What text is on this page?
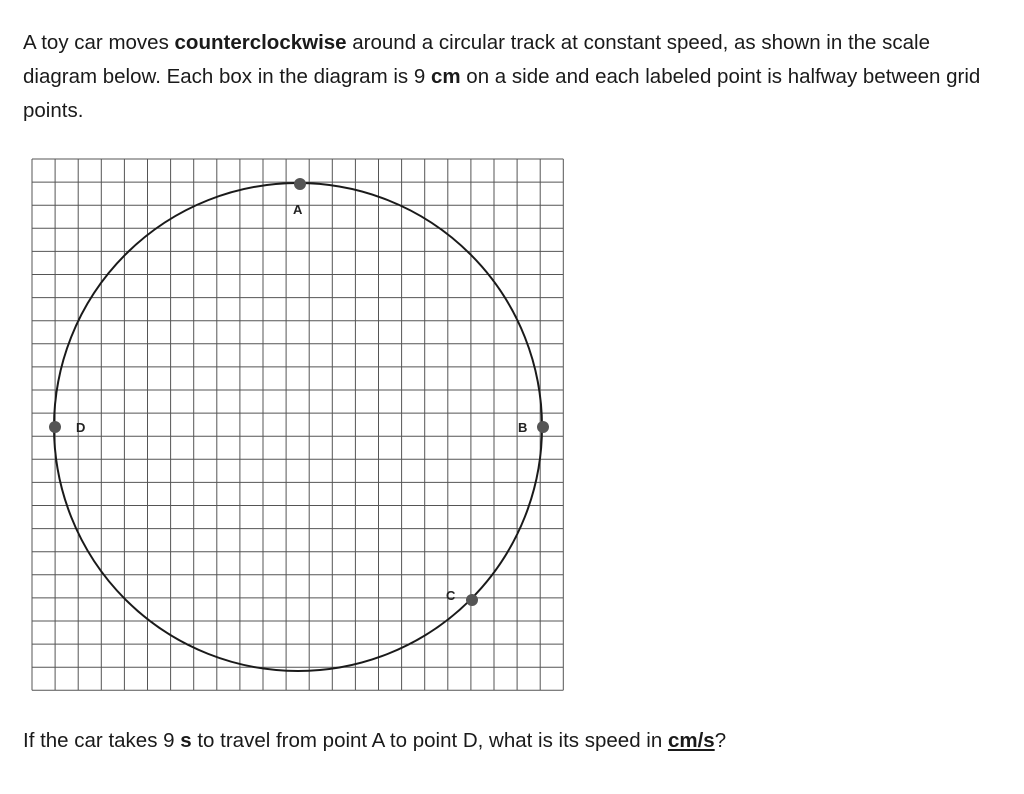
A toy car moves counterclockwise around a circular track at constant speed, as shown in the scale diagram below. Each box in the diagram is 9 cm on a side and each labeled point is halfway between grid points.

A
B
C
D

If the car takes 9 s to travel from point A to point D, what is its speed in cm/s?
